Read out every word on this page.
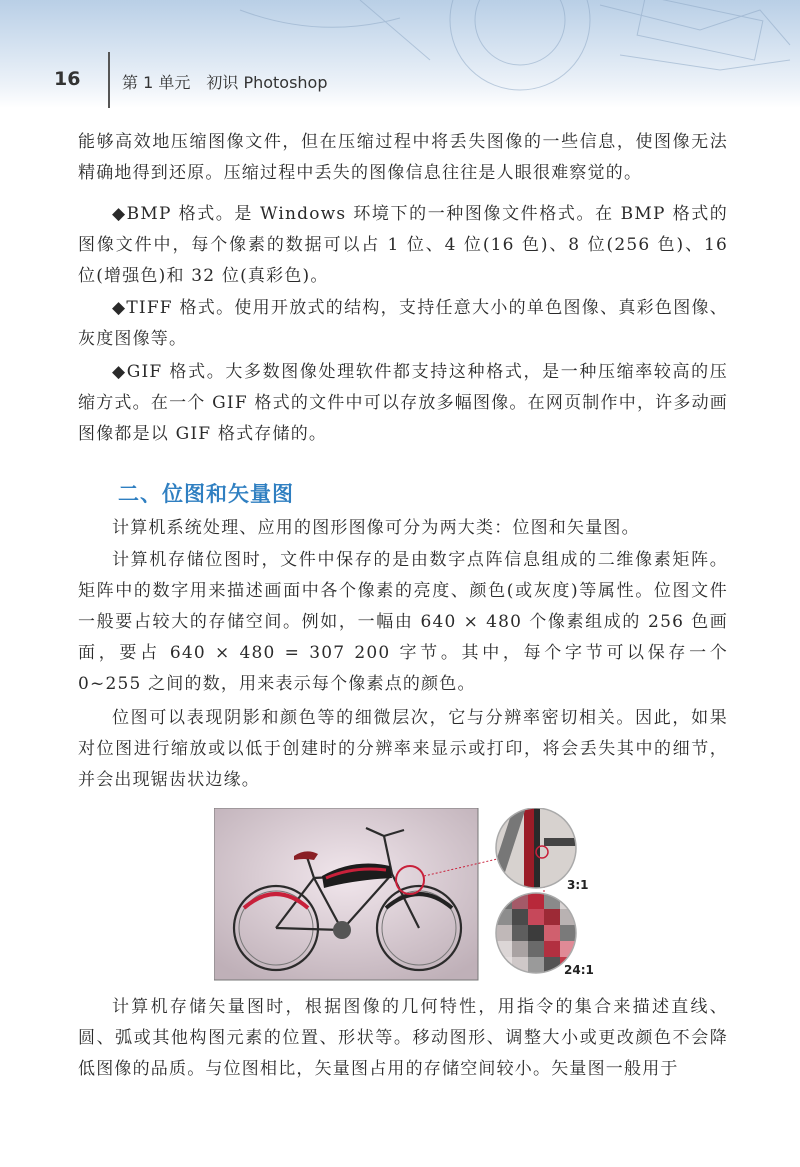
16	第 1 单元　初识 Photoshop

能够高效地压缩图像文件，但在压缩过程中将丢失图像的一些信息，使图像无法精确地得到还原。压缩过程中丢失的图像信息往往是人眼很难察觉的。

◆BMP 格式。是 Windows 环境下的一种图像文件格式。在 BMP 格式的图像文件中，每个像素的数据可以占 1 位、4 位(16 色)、8 位(256 色)、16 位(增强色)和 32 位(真彩色)。

◆TIFF 格式。使用开放式的结构，支持任意大小的单色图像、真彩色图像、灰度图像等。

◆GIF 格式。大多数图像处理软件都支持这种格式，是一种压缩率较高的压缩方式。在一个 GIF 格式的文件中可以存放多幅图像。在网页制作中，许多动画图像都是以 GIF 格式存储的。

二、位图和矢量图

计算机系统处理、应用的图形图像可分为两大类：位图和矢量图。

计算机存储位图时，文件中保存的是由数字点阵信息组成的二维像素矩阵。矩阵中的数字用来描述画面中各个像素的亮度、颜色(或灰度)等属性。位图文件一般要占较大的存储空间。例如，一幅由 640 × 480 个像素组成的 256 色画面，要占 640 × 480 = 307 200 字节。其中，每个字节可以保存一个 0~255 之间的数，用来表示每个像素点的颜色。

位图可以表现阴影和颜色等的细微层次，它与分辨率密切相关。因此，如果对位图进行缩放或以低于创建时的分辨率来显示或打印，将会丢失其中的细节，并会出现锯齿状边缘。

3:1
24:1

计算机存储矢量图时，根据图像的几何特性，用指令的集合来描述直线、圆、弧或其他构图元素的位置、形状等。移动图形、调整大小或更改颜色不会降低图像的品质。与位图相比，矢量图占用的存储空间较小。矢量图一般用于
